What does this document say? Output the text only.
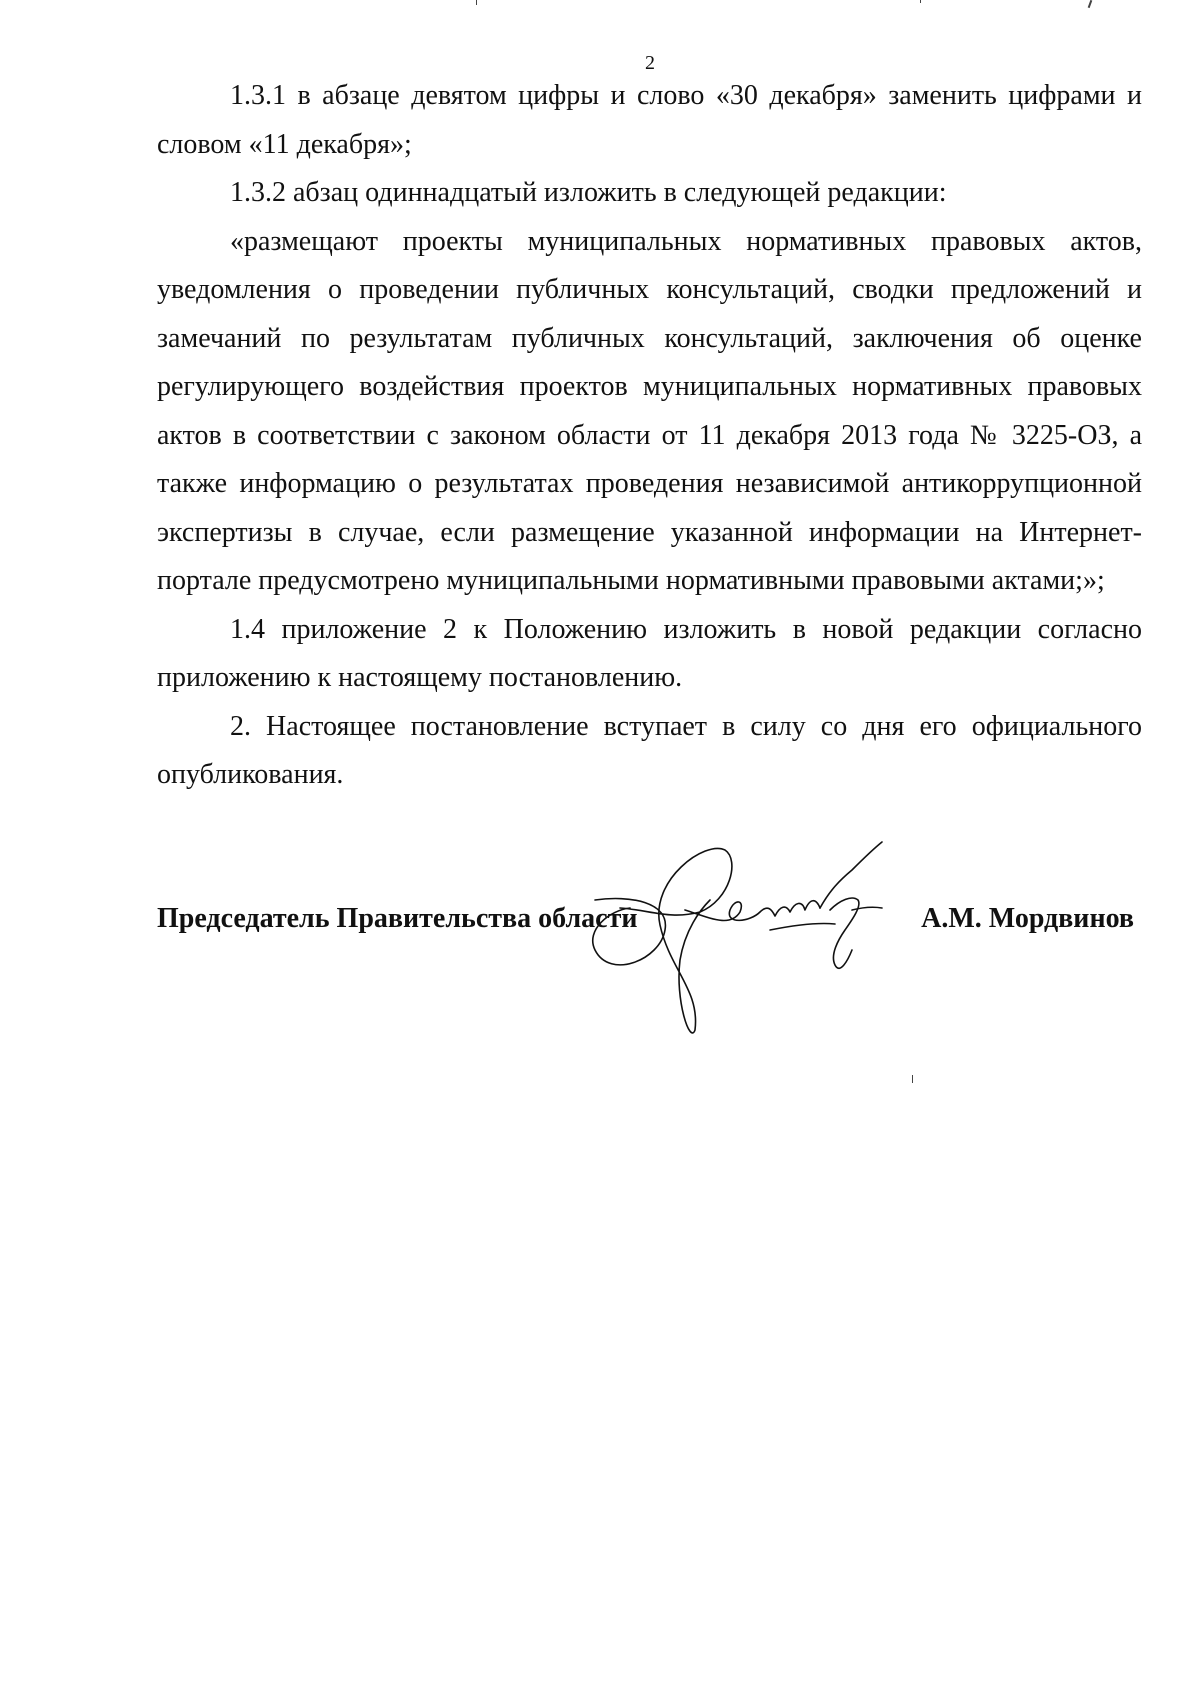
2

1.3.1 в абзаце девятом цифры и слово «30 декабря» заменить цифрами и словом «11 декабря»;

1.3.2 абзац одиннадцатый изложить в следующей редакции:

«размещают проекты муниципальных нормативных правовых актов, уведомления о проведении публичных консультаций, сводки предложений и замечаний по результатам публичных консультаций, заключения об оценке регулирующего воздействия проектов муниципальных нормативных правовых актов в соответствии с законом области от 11 декабря 2013 года № 3225-ОЗ, а также информацию о результатах проведения независимой антикоррупционной экспертизы в случае, если размещение указанной информации на Интернет-портале предусмотрено муниципальными нормативными правовыми актами;»;

1.4 приложение 2 к Положению изложить в новой редакции согласно приложению к настоящему постановлению.

2. Настоящее постановление вступает в силу со дня его официального опубликования.

Председатель Правительства области	А.М. Мордвинов
